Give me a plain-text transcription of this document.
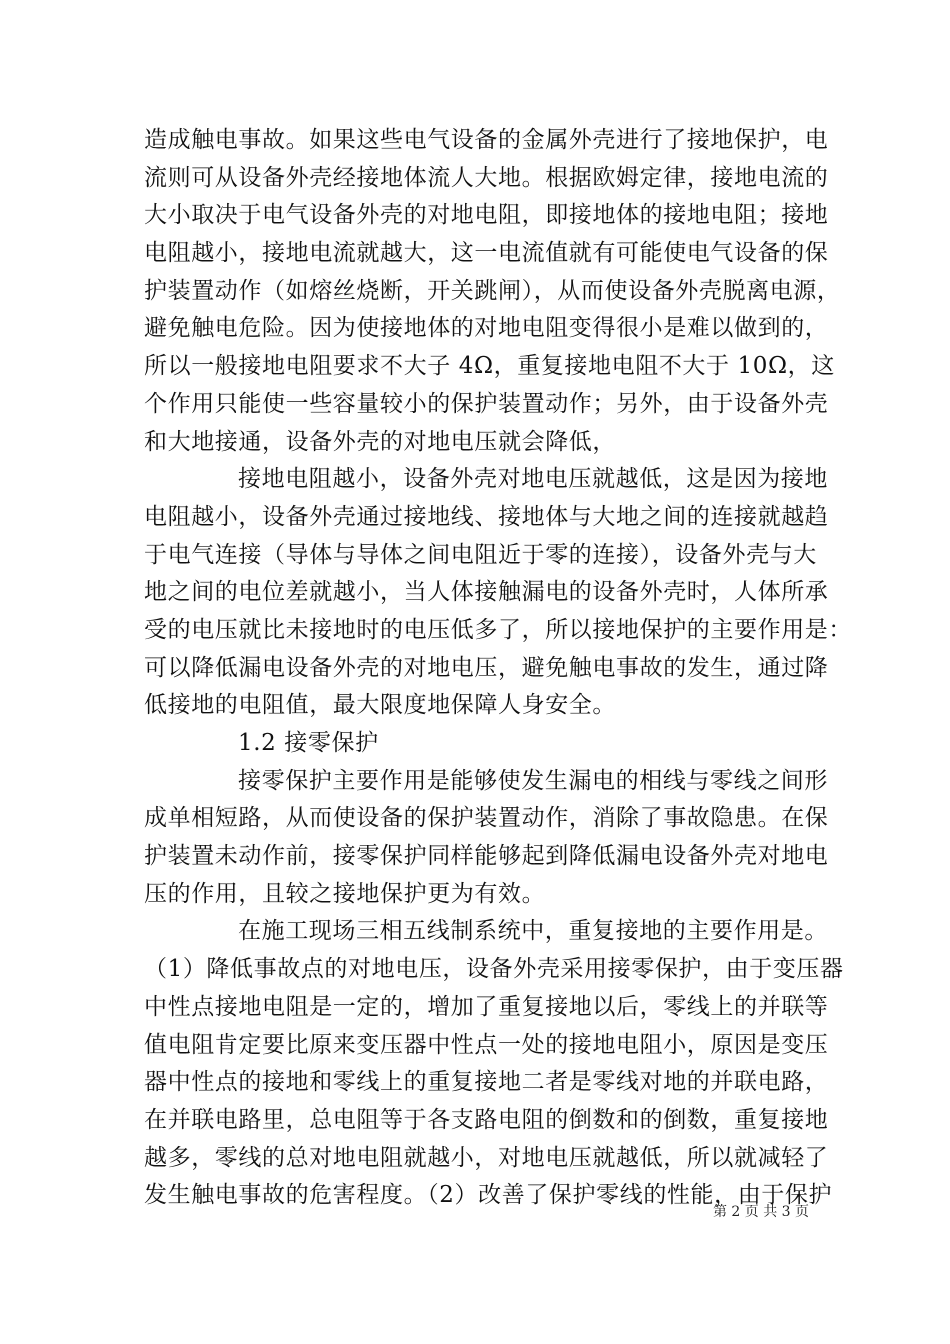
造成触电事故。如果这些电气设备的金属外壳进行了接地保护，电
流则可从设备外壳经接地体流人大地。根据欧姆定律，接地电流的
大小取决于电气设备外壳的对地电阻，即接地体的接地电阻；接地
电阻越小，接地电流就越大，这一电流值就有可能使电气设备的保
护装置动作（如熔丝烧断，开关跳闸），从而使设备外壳脱离电源，
避免触电危险。因为使接地体的对地电阻变得很小是难以做到的，
所以一般接地电阻要求不大子 4Ω，重复接地电阻不大于 10Ω，这
个作用只能使一些容量较小的保护装置动作；另外，由于设备外壳
和大地接通，设备外壳的对地电压就会降低，
接地电阻越小，设备外壳对地电压就越低，这是因为接地
电阻越小，设备外壳通过接地线、接地体与大地之间的连接就越趋
于电气连接（导体与导体之间电阻近于零的连接），设备外壳与大
地之间的电位差就越小，当人体接触漏电的设备外壳时，人体所承
受的电压就比未接地时的电压低多了，所以接地保护的主要作用是：
可以降低漏电设备外壳的对地电压，避免触电事故的发生，通过降
低接地的电阻值，最大限度地保障人身安全。
1.2 接零保护
接零保护主要作用是能够使发生漏电的相线与零线之间形
成单相短路，从而使设备的保护装置动作，消除了事故隐患。在保
护装置未动作前，接零保护同样能够起到降低漏电设备外壳对地电
压的作用，且较之接地保护更为有效。
在施工现场三相五线制系统中，重复接地的主要作用是。
（1）降低事故点的对地电压，设备外壳采用接零保护，由于变压器
中性点接地电阻是一定的，增加了重复接地以后，零线上的并联等
值电阻肯定要比原来变压器中性点一处的接地电阻小，原因是变压
器中性点的接地和零线上的重复接地二者是零线对地的并联电路，
在并联电路里，总电阻等于各支路电阻的倒数和的倒数，重复接地
越多，零线的总对地电阻就越小，对地电压就越低，所以就减轻了
发生触电事故的危害程度。（2）改善了保护零线的性能，由于保护
第 2 页 共 3 页
